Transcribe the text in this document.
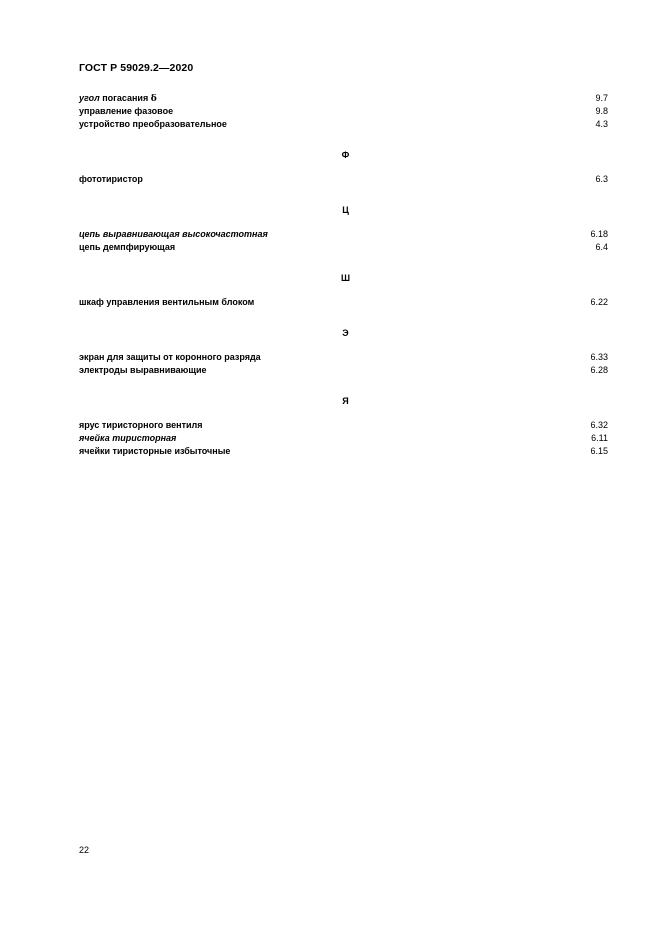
ГОСТ Р 59029.2—2020
угол погасания δ	9.7
управление фазовое	9.8
устройство преобразовательное	4.3
Ф
фототиристор	6.3
Ц
цепь выравнивающая высокочастотная	6.18
цепь демпфирующая	6.4
Ш
шкаф управления вентильным блоком	6.22
Э
экран для защиты от коронного разряда	6.33
электроды выравнивающие	6.28
Я
ярус тиристорного вентиля	6.32
ячейка тиристорная	6.11
ячейки тиристорные избыточные	6.15
22
